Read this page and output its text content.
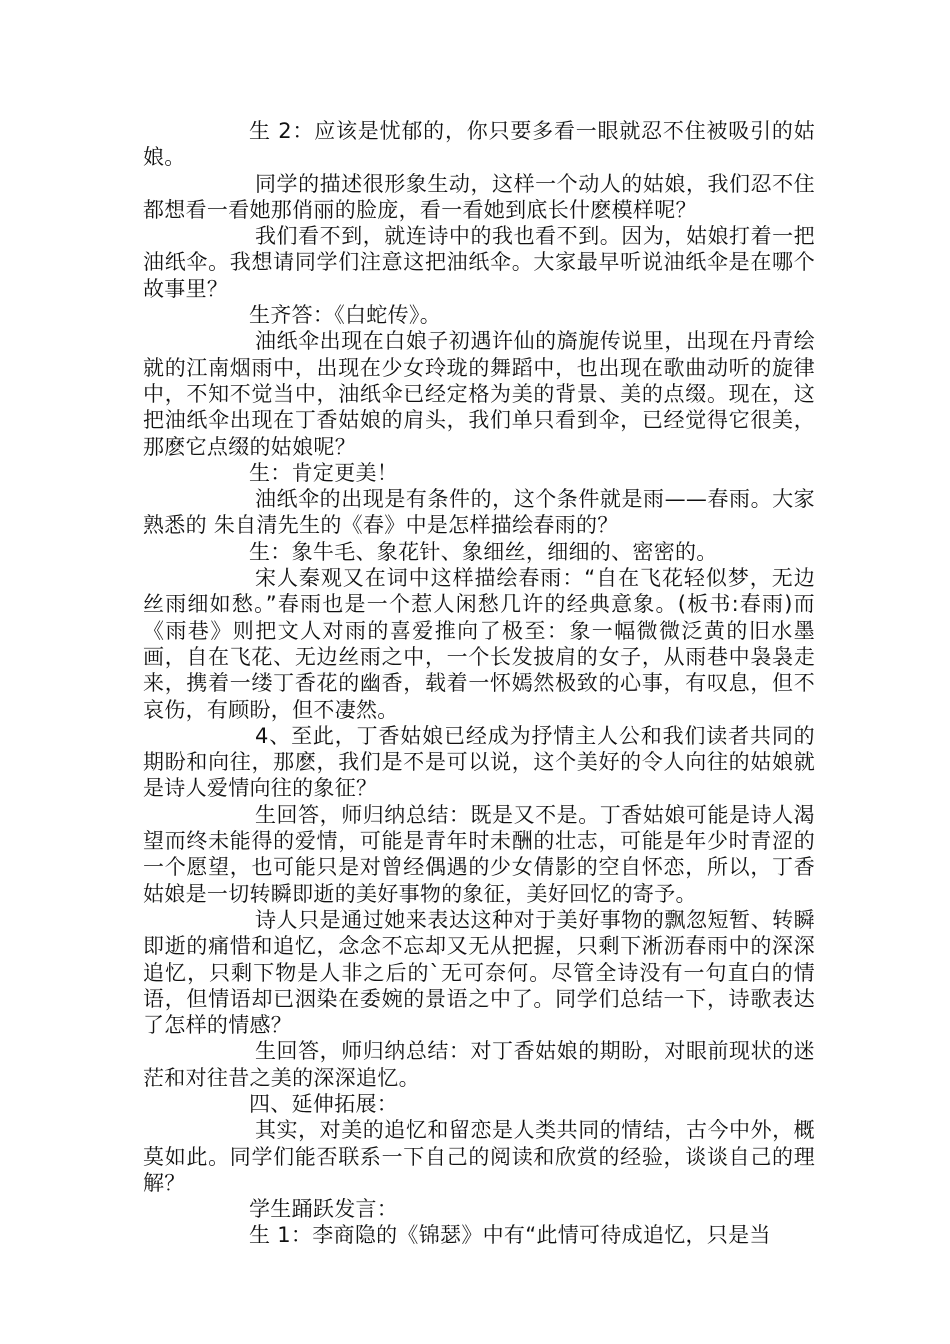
生 2：应该是忧郁的，你只要多看一眼就忍不住被吸引的姑娘。

同学的描述很形象生动，这样一个动人的姑娘，我们忍不住都想看一看她那俏丽的脸庞，看一看她到底长什麽模样呢？

我们看不到，就连诗中的我也看不到。因为，姑娘打着一把油纸伞。我想请同学们注意这把油纸伞。大家最早听说油纸伞是在哪个故事里？

生齐答：《白蛇传》。

油纸伞出现在白娘子初遇许仙的旖旎传说里，出现在丹青绘就的江南烟雨中，出现在少女玲珑的舞蹈中，也出现在歌曲动听的旋律中，不知不觉当中，油纸伞已经定格为美的背景、美的点缀。现在，这把油纸伞出现在丁香姑娘的肩头，我们单只看到伞，已经觉得它很美，那麽它点缀的姑娘呢？

生：肯定更美！

油纸伞的出现是有条件的，这个条件就是雨——春雨。大家熟悉的 朱自清先生的《春》中是怎样描绘春雨的？

生：象牛毛、象花针、象细丝，细细的、密密的。

宋人秦观又在词中这样描绘春雨：“自在飞花轻似梦，无边丝雨细如愁。”春雨也是一个惹人闲愁几许的经典意象。(板书:春雨)而《雨巷》则把文人对雨的喜爱推向了极至：象一幅微微泛黄的旧水墨画，自在飞花、无边丝雨之中，一个长发披肩的女子，从雨巷中袅袅走来，携着一缕丁香花的幽香，载着一怀嫣然极致的心事，有叹息，但不哀伤，有顾盼，但不凄然。

4、至此，丁香姑娘已经成为抒情主人公和我们读者共同的期盼和向往，那麽，我们是不是可以说，这个美好的令人向往的姑娘就是诗人爱情向往的象征？

生回答，师归纳总结：既是又不是。丁香姑娘可能是诗人渴望而终未能得的爱情，可能是青年时未酬的壮志，可能是年少时青涩的一个愿望，也可能只是对曾经偶遇的少女倩影的空自怀恋，所以，丁香姑娘是一切转瞬即逝的美好事物的象征，美好回忆的寄予。

诗人只是通过她来表达这种对于美好事物的飘忽短暂、转瞬即逝的痛惜和追忆，念念不忘却又无从把握，只剩下淅沥春雨中的深深追忆，只剩下物是人非之后的`无可奈何。尽管全诗没有一句直白的情语，但情语却已洇染在委婉的景语之中了。同学们总结一下，诗歌表达了怎样的情感？

生回答，师归纳总结：对丁香姑娘的期盼，对眼前现状的迷茫和对往昔之美的深深追忆。

四、延伸拓展：

其实，对美的追忆和留恋是人类共同的情结，古今中外，概莫如此。同学们能否联系一下自己的阅读和欣赏的经验，谈谈自己的理解？

学生踊跃发言：

生 1：李商隐的《锦瑟》中有“此情可待成追忆，只是当
